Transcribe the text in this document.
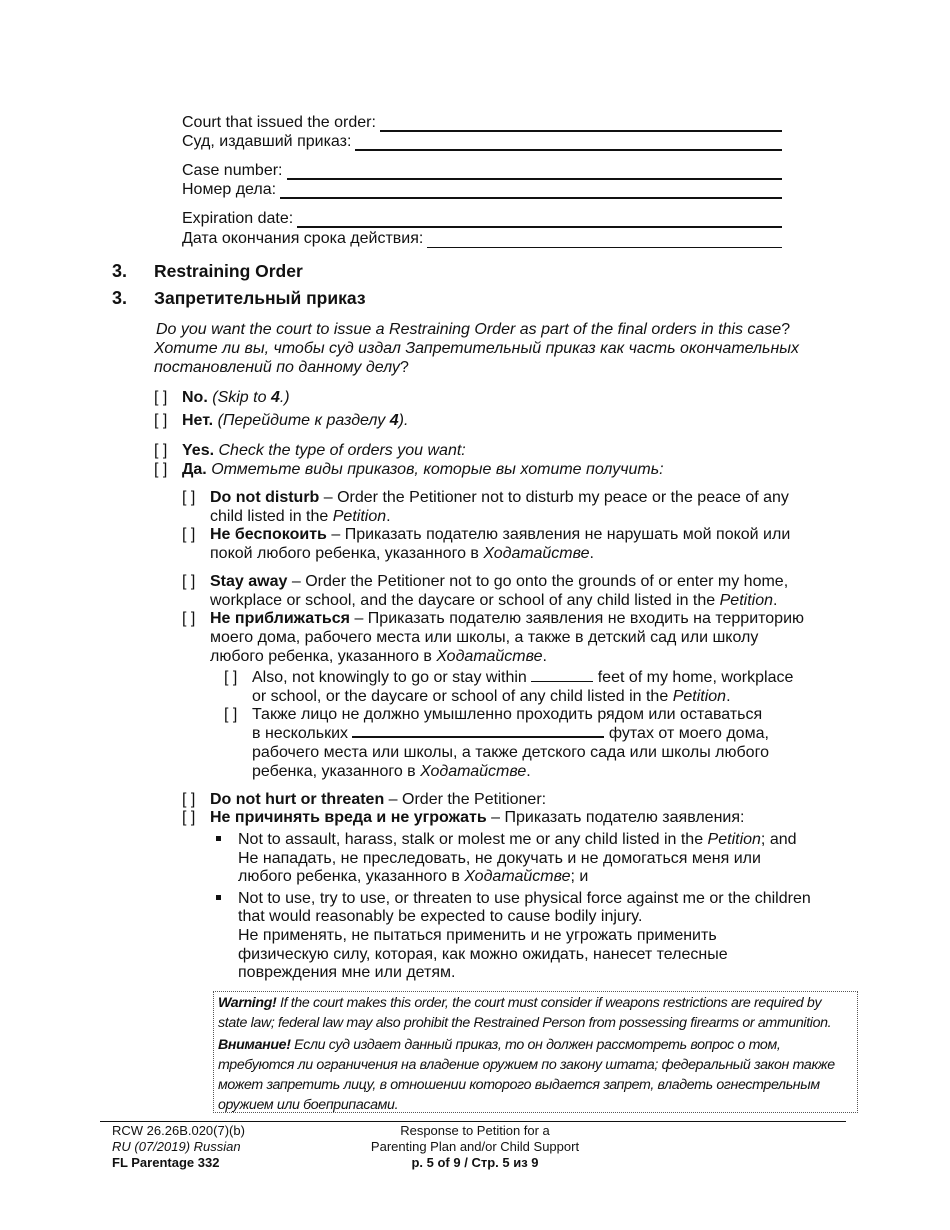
Court that issued the order:
Суд, издавший приказ:
Case number:
Номер дела:
Expiration date:
Дата окончания срока действия:
3. Restraining Order
3. Запретительный приказ
Do you want the court to issue a Restraining Order as part of the final orders in this case?
Хотите ли вы, чтобы суд издал Запретительный приказ как часть окончательных
постановлений по данному делу?
[ ] No. (Skip to 4.)
[ ] Нет. (Перейдите к разделу 4).
[ ] Yes. Check the type of orders you want:
[ ] Да. Отметьте виды приказов, которые вы хотите получить:
[ ] Do not disturb – Order the Petitioner not to disturb my peace or the peace of any
child listed in the Petition.
[ ] Не беспокоить – Приказать подателю заявления не нарушать мой покой или
покой любого ребенка, указанного в Ходатайстве.
[ ] Stay away – Order the Petitioner not to go onto the grounds of or enter my home,
workplace or school, and the daycare or school of any child listed in the Petition.
[ ] Не приближаться – Приказать подателю заявления не входить на территорию
моего дома, рабочего места или школы, а также в детский сад или школу
любого ребенка, указанного в Ходатайстве.
[ ] Also, not knowingly to go or stay within	feet of my home, workplace
or school, or the daycare or school of any child listed in the Petition.
[ ] Также лицо не должно умышленно проходить рядом или оставаться
в нескольких	футах от моего дома,
рабочего места или школы, а также детского сада или школы любого
ребенка, указанного в Ходатайстве.
[ ] Do not hurt or threaten – Order the Petitioner:
[ ] Не причинять вреда и не угрожать – Приказать подателю заявления:
Not to assault, harass, stalk or molest me or any child listed in the Petition; and
Не нападать, не преследовать, не докучать и не домогаться меня или
любого ребенка, указанного в Ходатайстве; и
Not to use, try to use, or threaten to use physical force against me or the children
that would reasonably be expected to cause bodily injury.
Не применять, не пытаться применить и не угрожать применить
физическую силу, которая, как можно ожидать, нанесет телесные
повреждения мне или детям.
Warning! If the court makes this order, the court must consider if weapons restrictions are required by
state law; federal law may also prohibit the Restrained Person from possessing firearms or ammunition.
Внимание! Если суд издает данный приказ, то он должен рассмотреть вопрос о том,
требуются ли ограничения на владение оружием по закону штата; федеральный закон также
может запретить лицу, в отношении которого выдается запрет, владеть огнестрельным
оружием или боеприпасами.
RCW 26.26B.020(7)(b)
RU (07/2019) Russian
FL Parentage 332
Response to Petition for a
Parenting Plan and/or Child Support
p. 5 of 9 / Стр. 5 из 9
